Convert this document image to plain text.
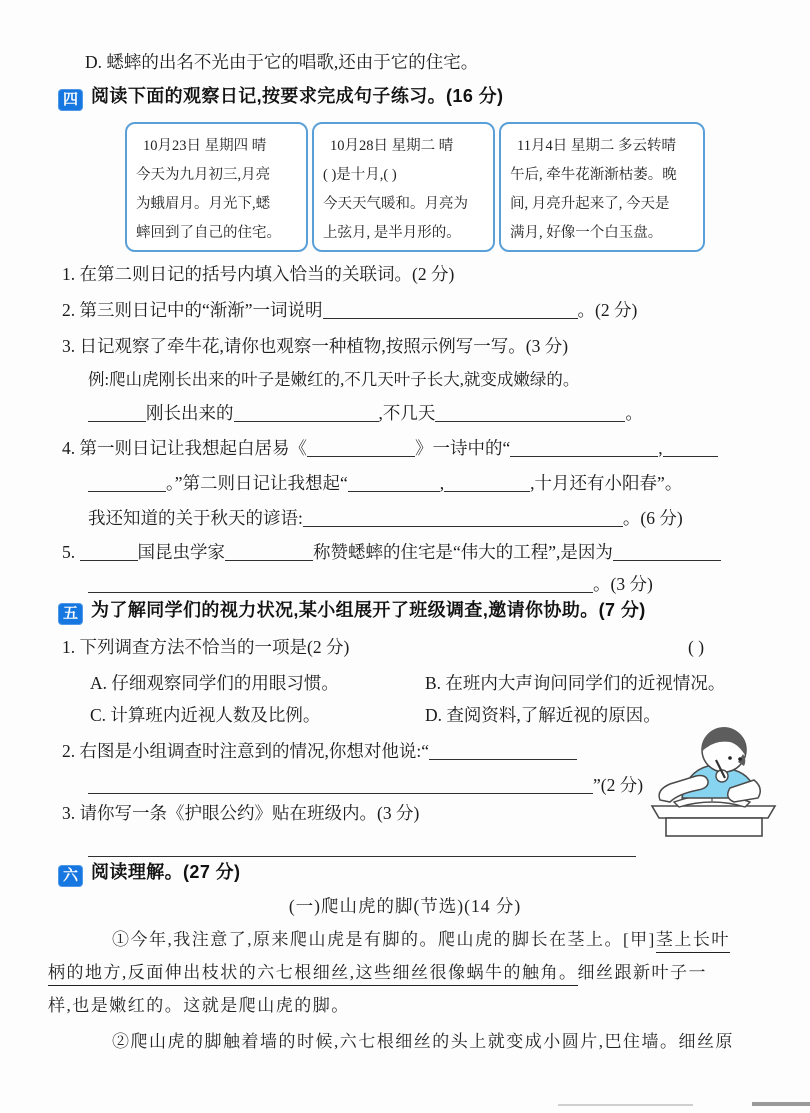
D. 蟋蟀的出名不光由于它的唱歌,还由于它的住宅。
四 阅读下面的观察日记,按要求完成句子练习。(16 分)
10月23日 星期四 晴
今天为九月初三,月亮
为蛾眉月。月光下,蟋
蟀回到了自己的住宅。
10月28日 星期二 晴
( )是十月,( )
今天天气暖和。月亮为
上弦月, 是半月形的。
11月4日 星期二 多云转晴
午后, 牵牛花渐渐枯萎。晚
间, 月亮升起来了, 今天是
满月, 好像一个白玉盘。
1. 在第二则日记的括号内填入恰当的关联词。(2 分)
2. 第三则日记中的“渐渐”一词说明	。(2 分)
3. 日记观察了牵牛花,请你也观察一种植物,按照示例写一写。(3 分)
例:爬山虎刚长出来的叶子是嫩红的,不几天叶子长大,就变成嫩绿的。
刚长出来的	,不几天	。
4. 第一则日记让我想起白居易《	》一诗中的“	,
。”第二则日记让我想起“	,	,十月还有小阳春”。
我还知道的关于秋天的谚语:	。(6 分)
5.	国昆虫学家	称赞蟋蟀的住宅是“伟大的工程”,是因为
。(3 分)
五 为了解同学们的视力状况,某小组展开了班级调查,邀请你协助。(7 分)
1. 下列调查方法不恰当的一项是(2 分)	( )
A. 仔细观察同学们的用眼习惯。	B. 在班内大声询问同学们的近视情况。
C. 计算班内近视人数及比例。	D. 查阅资料,了解近视的原因。
2. 右图是小组调查时注意到的情况,你想对他说:“
”(2 分)
3. 请你写一条《护眼公约》贴在班级内。(3 分)
六 阅读理解。(27 分)
(一)爬山虎的脚(节选)(14 分)
①今年,我注意了,原来爬山虎是有脚的。爬山虎的脚长在茎上。[甲]茎上长叶
柄的地方,反面伸出枝状的六七根细丝,这些细丝很像蜗牛的触角。细丝跟新叶子一
样,也是嫩红的。这就是爬山虎的脚。
②爬山虎的脚触着墙的时候,六七根细丝的头上就变成小圆片,巴住墙。细丝原
